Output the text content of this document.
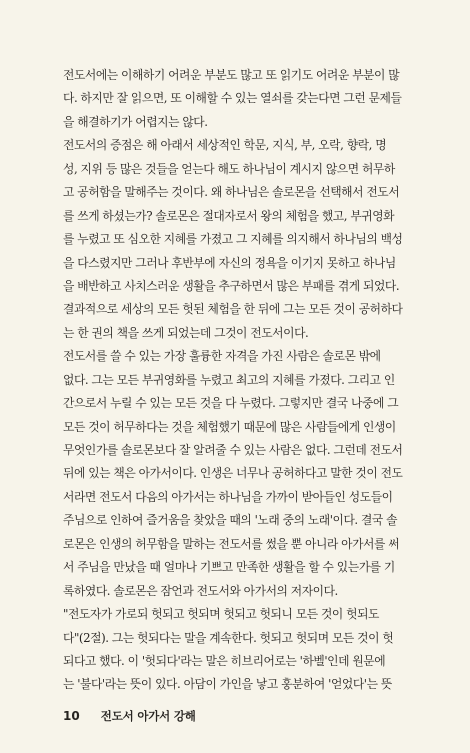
전도서에는 이해하기 어려운 부분도 많고 또 읽기도 어려운 부분이 많
다. 하지만 잘 읽으면, 또 이해할 수 있는 열쇠를 갖는다면 그런 문제들
을 해결하기가 어렵지는 않다.
전도서의 증점은 해 아래서 세상적인 학문, 지식, 부, 오락, 향락, 명
성, 지위 등 많은 것들을 얻는다 해도 하나님이 계시지 않으면 허무하
고 공허함을 말해주는 것이다. 왜 하나님은 솔로몬을 선택해서 전도서
를 쓰게 하셨는가? 솔로몬은 절대자로서 왕의 체험을 했고, 부귀영화
를 누렸고 또 심오한 지혜를 가졌고 그 지혜를 의지해서 하나님의 백성
을 다스렸지만 그러나 후반부에 자신의 정욕을 이기지 못하고 하나님
을 배반하고 사치스러운 생활을 추구하면서 많은 부패를 겪게 되었다.
결과적으로 세상의 모든 헛된 체험을 한 뒤에 그는 모든 것이 공허하다
는 한 권의 책을 쓰게 되었는데 그것이 전도서이다.
전도서를 쓸 수 있는 가장 훌륭한 자격을 가진 사람은 솔로몬 밖에
없다. 그는 모든 부귀영화를 누렸고 최고의 지혜를 가졌다. 그리고 인
간으로서 누릴 수 있는 모든 것을 다 누렸다. 그렇지만 결국 나중에 그
모든 것이 허무하다는 것을 체험했기 때문에 많은 사람들에게 인생이
무엇인가를 솔로몬보다 잘 알려줄 수 있는 사람은 없다. 그런데 전도서
뒤에 있는 책은 아가서이다. 인생은 너무나 공허하다고 말한 것이 전도
서라면 전도서 다음의 아가서는 하나님을 가까이 받아들인 성도들이
주님으로 인하여 즐거움을 찾았을 때의 '노래 중의 노래'이다. 결국 솔
로몬은 인생의 허무함을 말하는 전도서를 썼을 뿐 아니라 아가서를 써
서 주님을 만났을 때 얼마나 기쁘고 만족한 생활을 할 수 있는가를 기
록하였다. 솔로몬은 잠언과 전도서와 아가서의 저자이다.
"전도자가 가로되 헛되고 헛되며 헛되고 헛되니 모든 것이 헛되도
다"(2절). 그는 헛되다는 말을 계속한다. 헛되고 헛되며 모든 것이 헛
되다고 했다. 이 '헛되다'라는 말은 히브리어로는 '하벨'인데 원문에
는 '불다'라는 뜻이 있다. 아담이 가인을 낳고 훙분하여 '얻었다'는 뜻
10 전도서 아가서 강해
